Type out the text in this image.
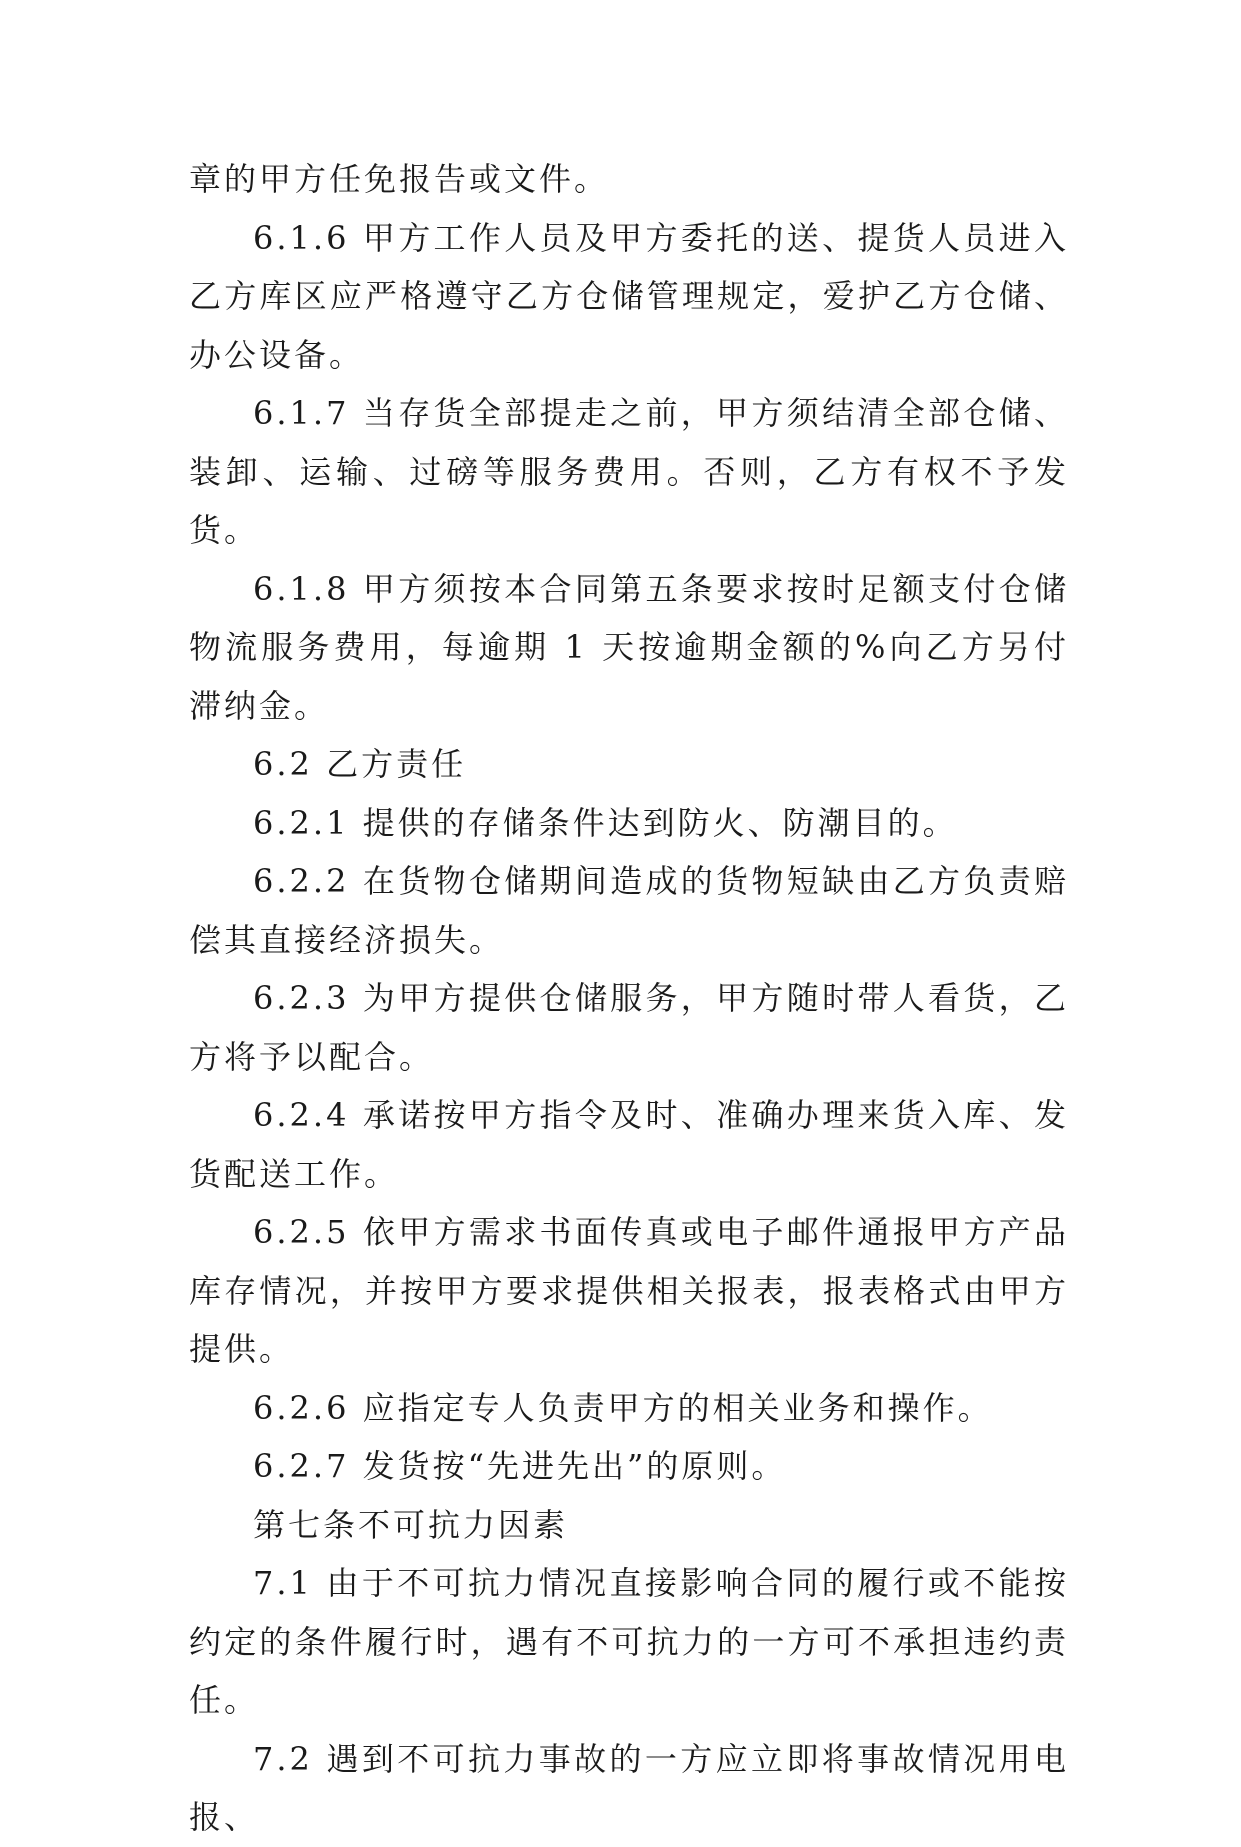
章的甲方任免报告或文件。

6.1.6 甲方工作人员及甲方委托的送、提货人员进入乙方库区应严格遵守乙方仓储管理规定，爱护乙方仓储、办公设备。

6.1.7 当存货全部提走之前，甲方须结清全部仓储、装卸、运输、过磅等服务费用。否则，乙方有权不予发货。

6.1.8 甲方须按本合同第五条要求按时足额支付仓储物流服务费用，每逾期 1 天按逾期金额的%向乙方另付滞纳金。

6.2 乙方责任

6.2.1 提供的存储条件达到防火、防潮目的。

6.2.2 在货物仓储期间造成的货物短缺由乙方负责赔偿其直接经济损失。

6.2.3 为甲方提供仓储服务，甲方随时带人看货，乙方将予以配合。

6.2.4 承诺按甲方指令及时、准确办理来货入库、发货配送工作。

6.2.5 依甲方需求书面传真或电子邮件通报甲方产品库存情况，并按甲方要求提供相关报表，报表格式由甲方提供。

6.2.6 应指定专人负责甲方的相关业务和操作。

6.2.7 发货按“先进先出”的原则。

第七条不可抗力因素

7.1 由于不可抗力情况直接影响合同的履行或不能按约定的条件履行时，遇有不可抗力的一方可不承担违约责任。

7.2 遇到不可抗力事故的一方应立即将事故情况用电报、
